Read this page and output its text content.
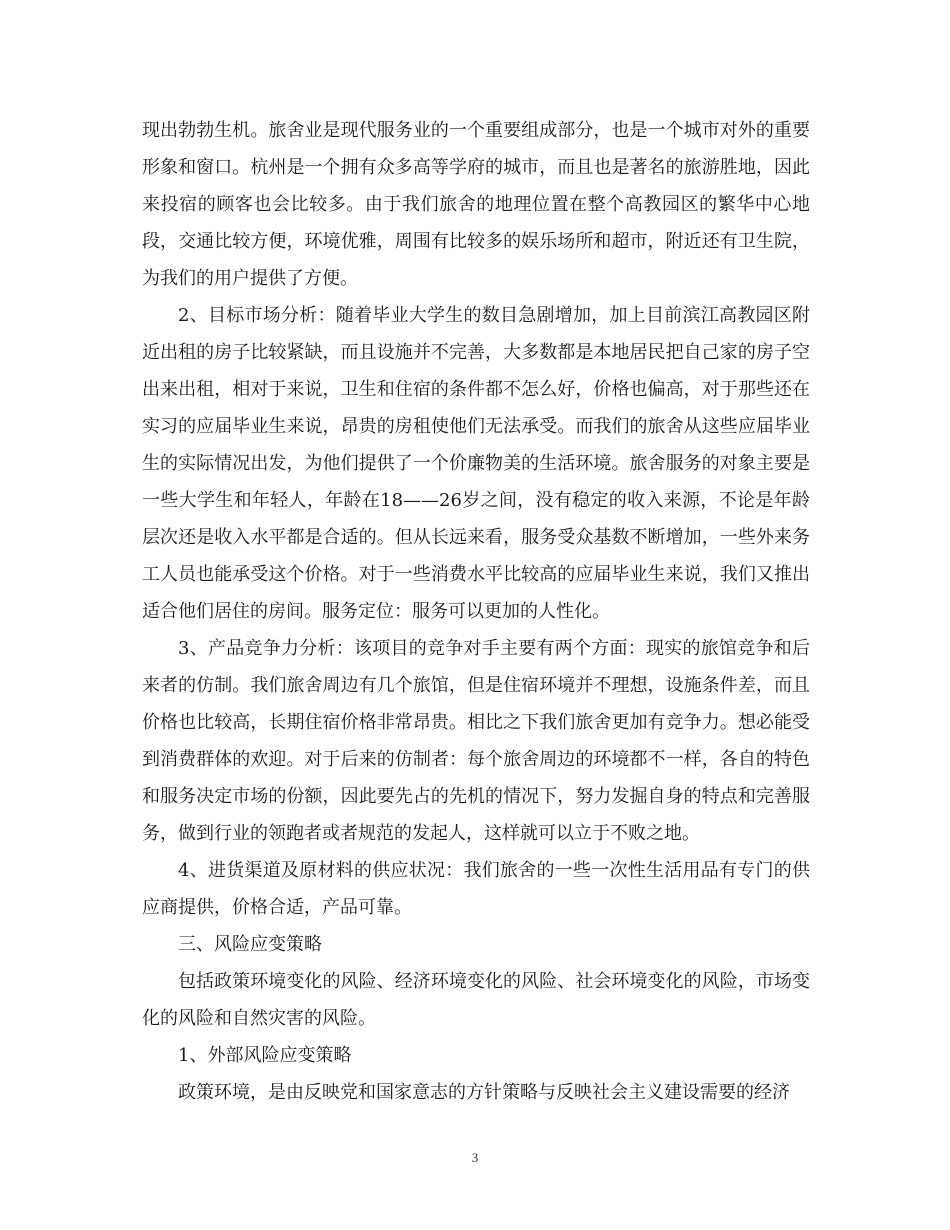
现出勃勃生机。旅舍业是现代服务业的一个重要组成部分，也是一个城市对外的重要形象和窗口。杭州是一个拥有众多高等学府的城市，而且也是著名的旅游胜地，因此来投宿的顾客也会比较多。由于我们旅舍的地理位置在整个高教园区的繁华中心地段，交通比较方便，环境优雅，周围有比较多的娱乐场所和超市，附近还有卫生院，为我们的用户提供了方便。

2、目标市场分析：随着毕业大学生的数目急剧增加，加上目前滨江高教园区附近出租的房子比较紧缺，而且设施并不完善，大多数都是本地居民把自己家的房子空出来出租，相对于来说，卫生和住宿的条件都不怎么好，价格也偏高，对于那些还在实习的应届毕业生来说，昂贵的房租使他们无法承受。而我们的旅舍从这些应届毕业生的实际情况出发，为他们提供了一个价廉物美的生活环境。旅舍服务的对象主要是一些大学生和年轻人，年龄在18——26岁之间，没有稳定的收入来源，不论是年龄层次还是收入水平都是合适的。但从长远来看，服务受众基数不断增加，一些外来务工人员也能承受这个价格。对于一些消费水平比较高的应届毕业生来说，我们又推出适合他们居住的房间。服务定位：服务可以更加的人性化。

3、产品竞争力分析：该项目的竞争对手主要有两个方面：现实的旅馆竞争和后来者的仿制。我们旅舍周边有几个旅馆，但是住宿环境并不理想，设施条件差，而且价格也比较高，长期住宿价格非常昂贵。相比之下我们旅舍更加有竞争力。想必能受到消费群体的欢迎。对于后来的仿制者：每个旅舍周边的环境都不一样，各自的特色和服务决定市场的份额，因此要先占的先机的情况下，努力发掘自身的特点和完善服务，做到行业的领跑者或者规范的发起人，这样就可以立于不败之地。

4、进货渠道及原材料的供应状况：我们旅舍的一些一次性生活用品有专门的供应商提供，价格合适，产品可靠。

三、风险应变策略

包括政策环境变化的风险、经济环境变化的风险、社会环境变化的风险，市场变化的风险和自然灾害的风险。

1、外部风险应变策略

政策环境，是由反映党和国家意志的方针策略与反映社会主义建设需要的经济

3
